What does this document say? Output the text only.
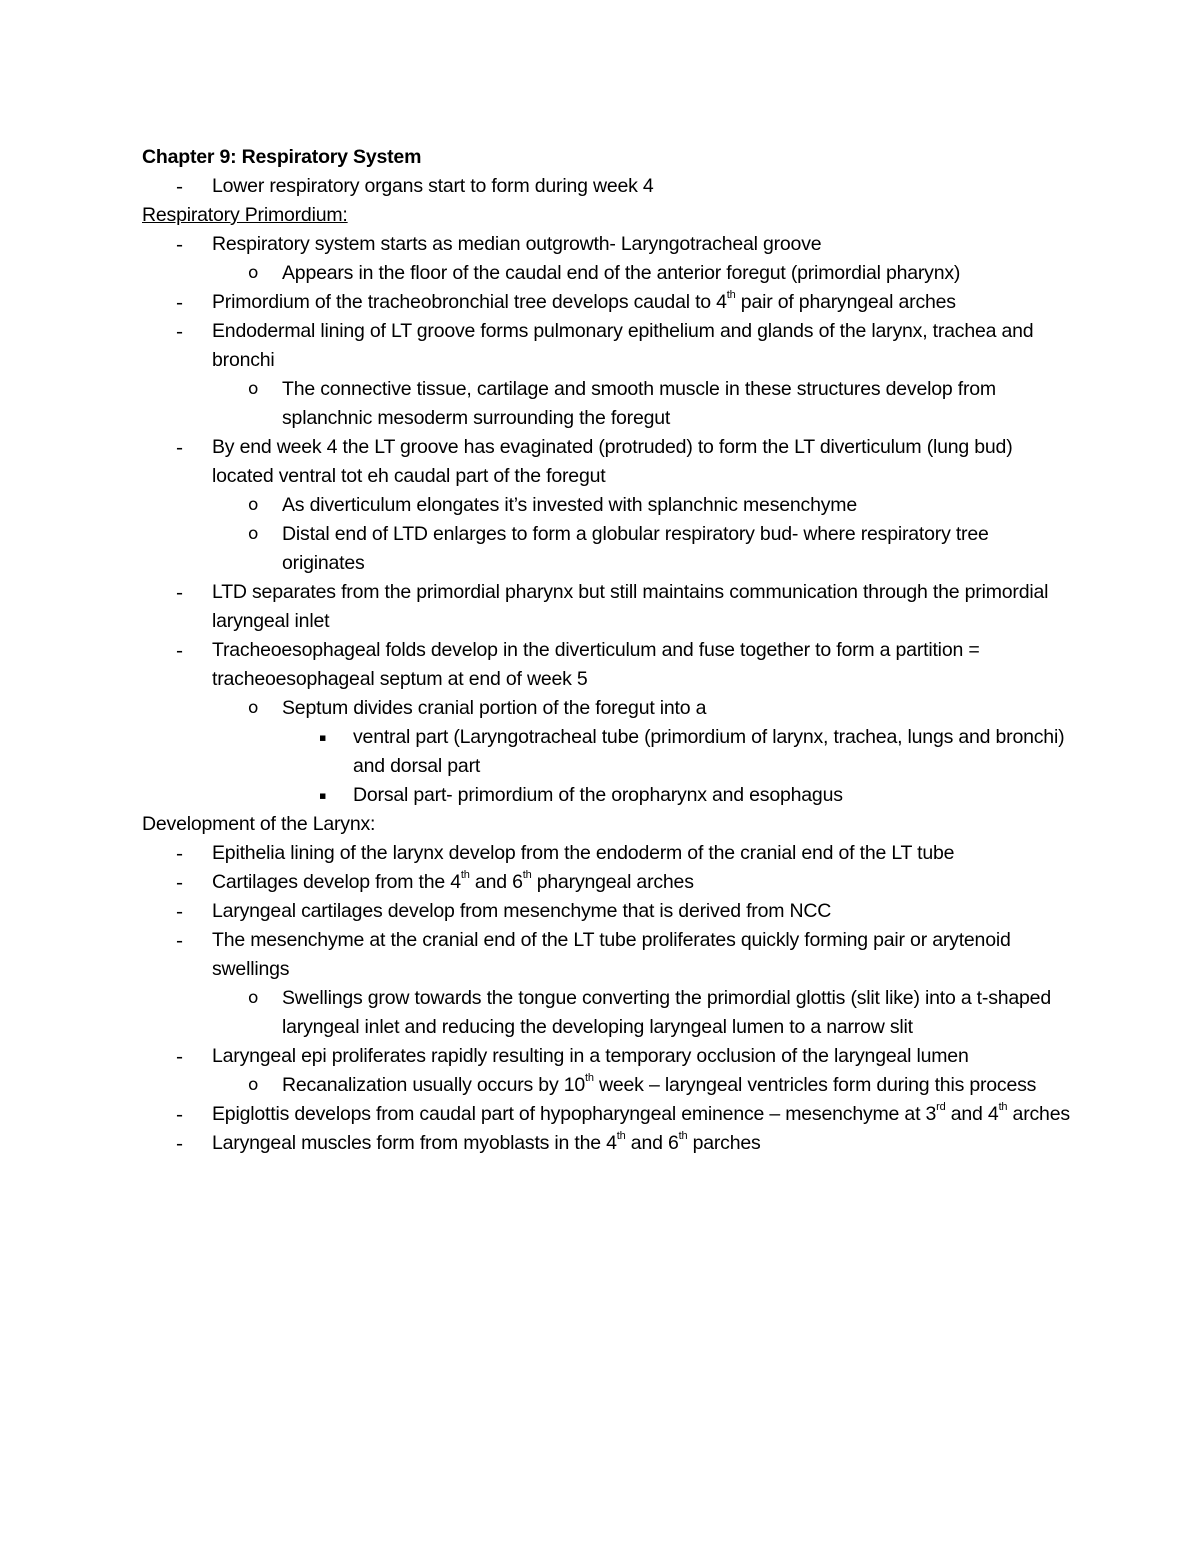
Chapter 9: Respiratory System

- Lower respiratory organs start to form during week 4

Respiratory Primordium:

- Respiratory system starts as median outgrowth- Laryngotracheal groove

o Appears in the floor of the caudal end of the anterior foregut (primordial pharynx)

- Primordium of the tracheobronchial tree develops caudal to 4th pair of pharyngeal arches

- Endodermal lining of LT groove forms pulmonary epithelium and glands of the larynx, trachea and bronchi

o The connective tissue, cartilage and smooth muscle in these structures develop from splanchnic mesoderm surrounding the foregut

- By end week 4 the LT groove has evaginated (protruded) to form the LT diverticulum (lung bud) located ventral tot eh caudal part of the foregut

o As diverticulum elongates it’s invested with splanchnic mesenchyme

o Distal end of LTD enlarges to form a globular respiratory bud- where respiratory tree originates

- LTD separates from the primordial pharynx but still maintains communication through the primordial laryngeal inlet

- Tracheoesophageal folds develop in the diverticulum and fuse together to form a partition = tracheoesophageal septum at end of week 5

o Septum divides cranial portion of the foregut into a

▪ ventral part (Laryngotracheal tube (primordium of larynx, trachea, lungs and bronchi) and dorsal part

▪ Dorsal part- primordium of the oropharynx and esophagus

Development of the Larynx:

- Epithelia lining of the larynx develop from the endoderm of the cranial end of the LT tube

- Cartilages develop from the 4th and 6th pharyngeal arches

- Laryngeal cartilages develop from mesenchyme that is derived from NCC

- The mesenchyme at the cranial end of the LT tube proliferates quickly forming pair or arytenoid swellings

o Swellings grow towards the tongue converting the primordial glottis (slit like) into a t-shaped laryngeal inlet and reducing the developing laryngeal lumen to a narrow slit

- Laryngeal epi proliferates rapidly resulting in a temporary occlusion of the laryngeal lumen

o Recanalization usually occurs by 10th week – laryngeal ventricles form during this process

- Epiglottis develops from caudal part of hypopharyngeal eminence – mesenchyme at 3rd and 4th arches

- Laryngeal muscles form from myoblasts in the 4th and 6th parches
